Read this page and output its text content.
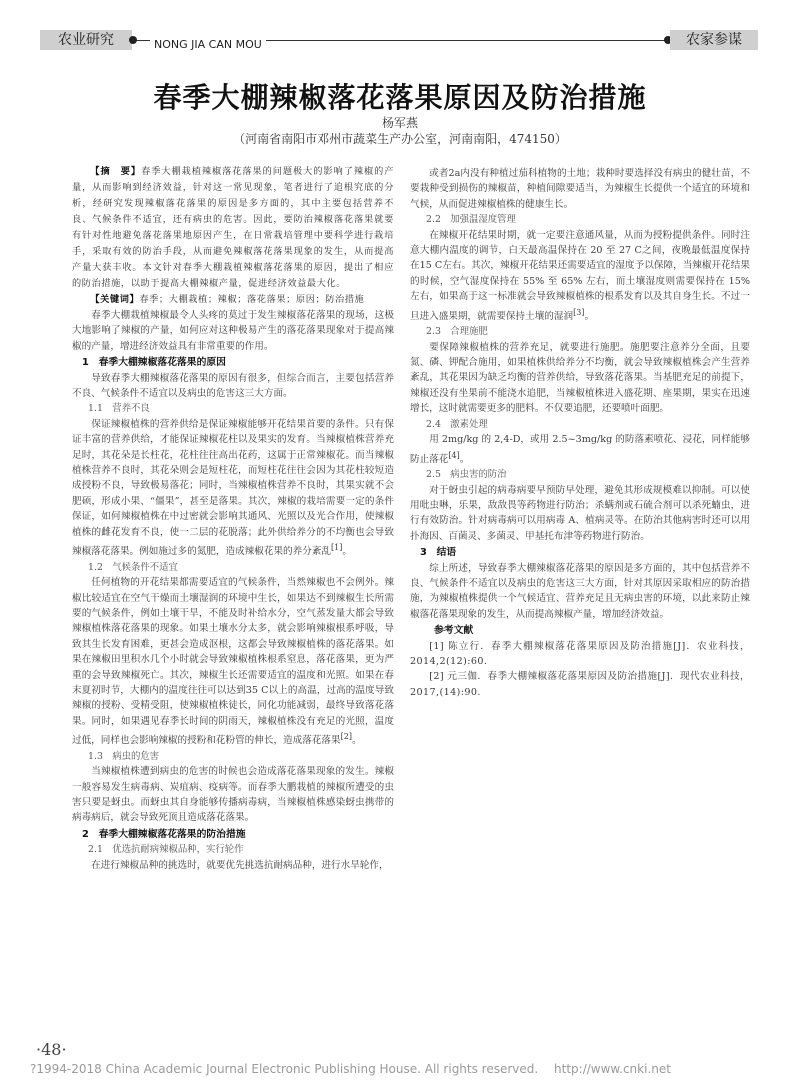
农业研究	NONG JIA CAN MOU	农家参谋
春季大棚辣椒落花落果原因及防治措施
杨军燕
（河南省南阳市邓州市蔬菜生产办公室，河南南阳，474150）

【摘　要】春季大棚栽植辣椒落花落果的问题极大的影响了辣椒的产量，从而影响到经济效益，针对这一常见现象，笔者进行了追根究底的分析，经研究发现辣椒落花落果的原因是多方面的，其中主要包括营养不良、气候条件不适宜，还有病虫的危害。因此，要防治辣椒落花落果就要有针对性地避免落花落果地原因产生，在日常栽培管理中要科学进行栽培手，采取有效的防治手段，从而避免辣椒落花落果现象的发生，从而提高产量大获丰收。本文针对春季大棚栽植辣椒落花落果的原因，提出了相应的防治措施，以助于提高大棚辣椒产量，促进经济效益最大化。

【关键词】春季；大棚栽植；辣椒；落花落果；原因；防治措施

春季大棚栽植辣椒最令人头疼的莫过于发生辣椒落花落果的现场，这极大地影响了辣椒的产量，如何应对这种极易产生的落花落果现象对于提高辣椒的产量，增进经济效益具有非常重要的作用。

1　春季大棚辣椒落花落果的原因

导致春季大棚辣椒落花落果的原因有很多，但综合而言，主要包括营养不良、气候条件不适宜以及病虫的危害这三大方面。

1.1　营养不良

保证辣椒植株的营养供给是保证辣椒能够开花结果首要的条件。只有保证丰富的营养供给，才能保证辣椒花柱以及果实的发育。当辣椒植株营养充足时，其花朵是长柱花，花柱往往高出花药，这属于正常辣椒花。而当辣椒植株营养不良时，其花朵则会是短柱花，而短柱花往往会因为其花柱较短造成授粉不良，导致极易落花；同时，当辣椒植株营养不良时，其果实就不会肥硕，形成小果、“僵果”，甚至是落果。其次，辣椒的栽培需要一定的条件保证，如何辣椒植株在中过密就会影响其通风、光照以及光合作用，使辣椒植株的雌花发育不良，使一二层的花脱落；此外供给养分的不均衡也会导致辣椒落花落果。例如施过多的氮肥，造成辣椒花果的养分紊乱[1]。

1.2　气候条件不适宜

任何植物的开花结果都需要适宜的气候条件，当然辣椒也不会例外。辣椒比较适宜在空气干燥而土壤湿润的环境中生长，如果达不到辣椒生长所需要的气候条件，例如土壤干旱，不能及时补给水分，空气蒸发量大都会导致辣椒植株落花落果的现象。如果土壤水分太多，就会影响辣椒根系呼吸，导致其生长发育困难，更甚会造成沤根，这都会导致辣椒植株的落花落果。如果在辣椒田里积水几个小时就会导致辣椒植株根系窒息，落花落果，更为严重的会导致辣椒死亡。其次，辣椒生长还需要适宜的温度和光照。如果在春末夏初时节，大棚内的温度往往可以达到35 C以上的高温，过高的温度导致辣椒的授粉、受精受阻，使辣椒植株徒长，同化功能减弱，最终导致落花落果。同时，如果遇见春季长时间的阴雨天，辣椒植株没有充足的光照，温度过低，同样也会影响辣椒的授粉和花粉管的伸长，造成落花落果[2]。

1.3　病虫的危害

当辣椒植株遭到病虫的危害的时候也会造成落花落果现象的发生。辣椒一般容易发生病毒病、炭疽病、疫病等。而春季大鹏栽植的辣椒所遭受的虫害只要是蚜虫。而蚜虫其自身能够传播病毒病，当辣椒植株感染蚜虫携带的病毒病后，就会导致死顶且造成落花落果。

2　春季大棚辣椒落花落果的防治措施

2.1　优选抗耐病辣椒品种，实行轮作

在进行辣椒品种的挑选时，就要优先挑选抗耐病品种，进行水旱轮作，

或者2a内没有种植过茄科植物的土地；栽种时要选择没有病虫的健壮苗，不要栽种受到损伤的辣椒苗，种植间隙要适当，为辣椒生长提供一个适宜的环境和气候，从而促进辣椒植株的健康生长。

2.2　加强温湿度管理

在辣椒开花结果时期，就一定要注意通风量，从而为授粉提供条件。同时注意大棚内温度的调节，白天最高温保持在 20 至 27 C之间，夜晚最低温度保持在15 C左右。其次，辣椒开花结果还需要适宜的湿度予以保障，当辣椒开花结果的时候，空气湿度保持在 55% 至 65% 左右，而土壤湿度则需要保持在 15% 左右，如果高于这一标准就会导致辣椒植株的根系发育以及其自身生长。不过一旦进入盛果期，就需要保持土壤的湿润[3]。

2.3　合理施肥

要保障辣椒植株的营养充足，就要进行施肥。施肥要注意养分全面，且要氮、磷、钾配合施用，如果植株供给养分不均衡，就会导致辣椒植株会产生营养紊乱，其花果因为缺乏均衡的营养供给，导致落花落果。当基肥充足的前提下，辣椒还没有坐果前不能浇水追肥，当辣椒植株进入盛花期、座果期，果实在迅速增长，这时就需要更多的肥料。不仅要追肥，还要喷叶面肥。

2.4　激素处理

用 2mg/kg 的 2,4-D，或用 2.5~3mg/kg 的防落素喷花、浸花，同样能够防止落花[4]。

2.5　病虫害的防治

对于蚜虫引起的病毒病要早预防早处理，避免其形成规模难以抑制。可以使用吡虫啉，乐果，敌敌畏等药物进行防治；杀螨剂或石硫合剂可以杀死蝻虫，进行有效防治。针对病毒病可以用病毒 A、植病灵等。在防治其他病害时还可以用扑海因、百菌灵、多菌灵、甲基托布津等药物进行防治。

3　结语

综上所述，导致春季大棚辣椒落花落果的原因是多方面的，其中包括营养不良、气候条件不适宜以及病虫的危害这三大方面，针对其原因采取相应的防治措施，为辣椒植株提供一个气候适宜、营养充足且无病虫害的环境，以此来防止辣椒落花落果现象的发生，从而提高辣椒产量，增加经济效益。

参考文献

[1] 陈立行．春季大棚辣椒落花落果原因及防治措施[J]．农业科技，2014,2(12):60.

[2] 元三伽．春季大棚辣椒落花落果原因及防治措施[J]．现代农业科技，2017,(14):90.

·48·
?1994-2018 China Academic Journal Electronic Publishing House. All rights reserved.　 http://www.cnki.net
